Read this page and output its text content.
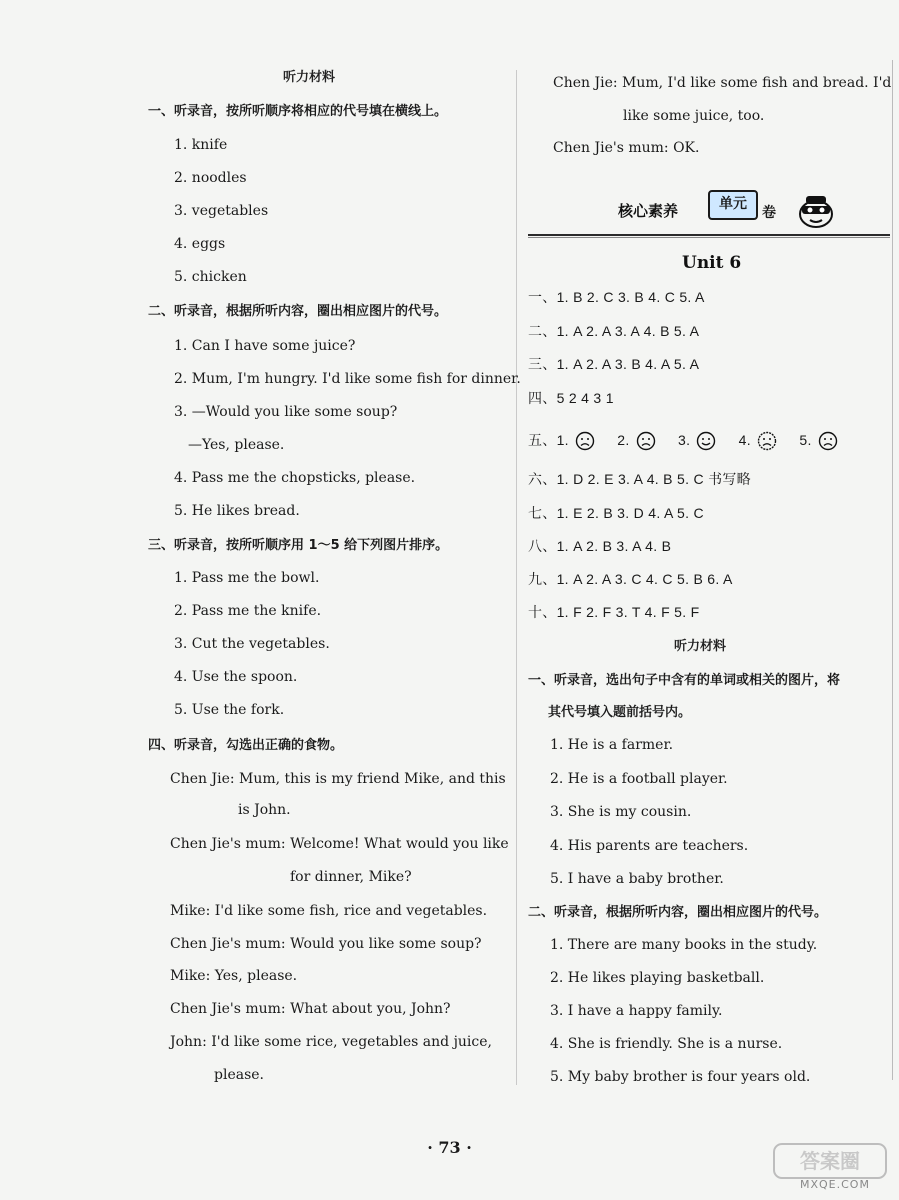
听力材料
一、听录音，按所听顺序将相应的代号填在横线上。
1. knife
2. noodles
3. vegetables
4. eggs
5. chicken
二、听录音，根据所听内容，圈出相应图片的代号。
1. Can I have some juice?
2. Mum, I'm hungry. I'd like some fish for dinner.
3. —Would you like some soup?
—Yes, please.
4. Pass me the chopsticks, please.
5. He likes bread.
三、听录音，按所听顺序用 1～5 给下列图片排序。
1. Pass me the bowl.
2. Pass me the knife.
3. Cut the vegetables.
4. Use the spoon.
5. Use the fork.
四、听录音，勾选出正确的食物。
Chen Jie: Mum, this is my friend Mike, and this
is John.
Chen Jie's mum: Welcome! What would you like
for dinner, Mike?
Mike: I'd like some fish, rice and vegetables.
Chen Jie's mum: Would you like some soup?
Mike: Yes, please.
Chen Jie's mum: What about you, John?
John: I'd like some rice, vegetables and juice,
please.
Chen Jie: Mum, I'd like some fish and bread. I'd
like some juice, too.
Chen Jie's mum: OK.
核心素养	单元
卷
Unit 6
一、1. B 2. C 3. B 4. C 5. A
二、1. A 2. A 3. A 4. B 5. A
三、1. A 2. A 3. B 4. A 5. A
四、5 2 4 3 1
五、1.	2.	3.	4.	5.
六、1. D 2. E 3. A 4. B 5. C 书写略
七、1. E 2. B 3. D 4. A 5. C
八、1. A 2. B 3. A 4. B
九、1. A 2. A 3. C 4. C 5. B 6. A
十、1. F 2. F 3. T 4. F 5. F
听力材料
一、听录音，选出句子中含有的单词或相关的图片，将
其代号填入题前括号内。
1. He is a farmer.
2. He is a football player.
3. She is my cousin.
4. His parents are teachers.
5. I have a baby brother.
二、听录音，根据所听内容，圈出相应图片的代号。
1. There are many books in the study.
2. He likes playing basketball.
3. I have a happy family.
4. She is friendly. She is a nurse.
5. My baby brother is four years old.
· 73 ·
答案圈
MXQE.COM
